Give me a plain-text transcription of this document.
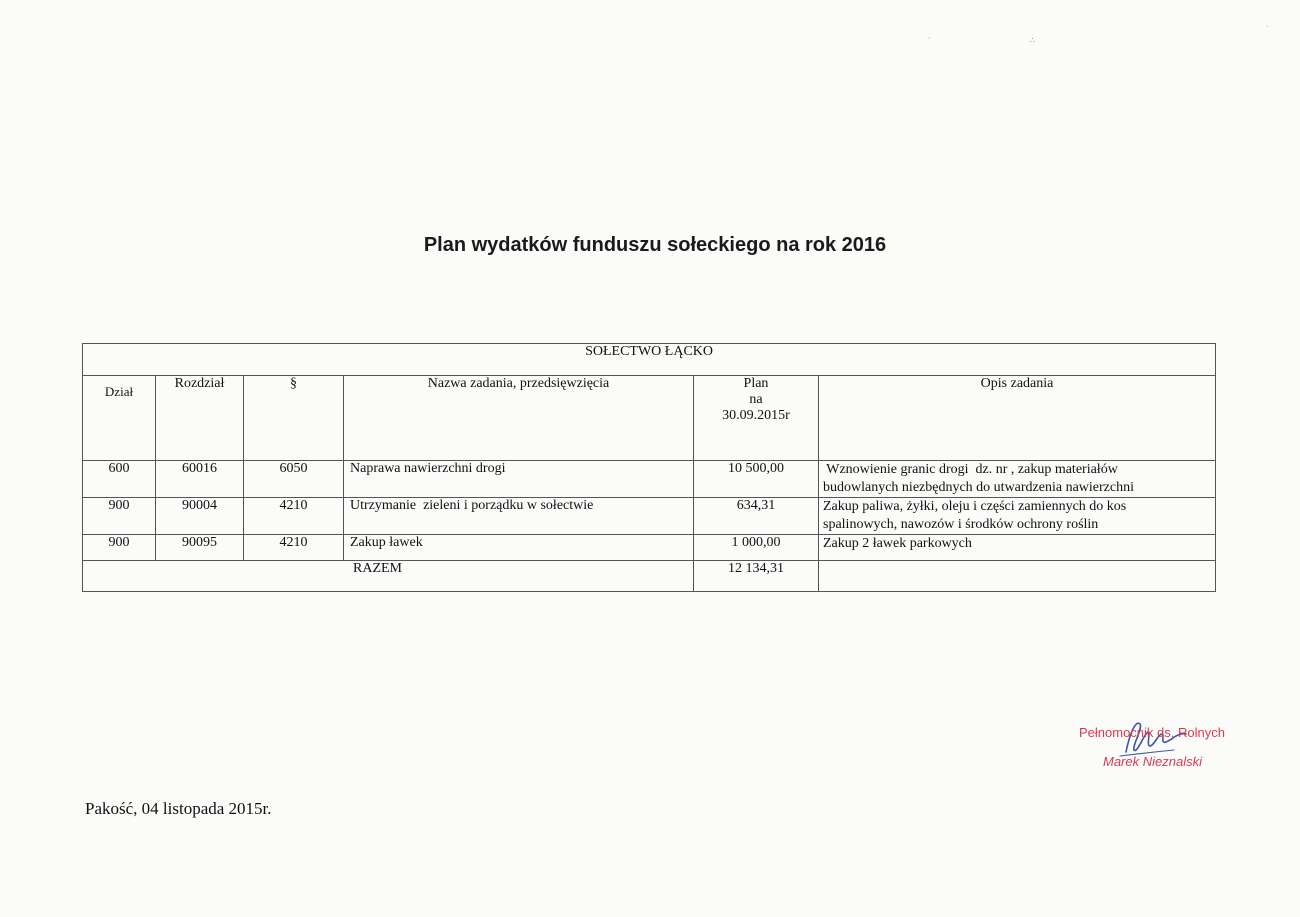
Plan wydatków funduszu sołeckiego na rok 2016
SOŁECTWO ŁĄCKO					
Dział	Rozdział	§	Nazwa zadania, przedsięwzięcia	Plan
na
30.09.2015r	Opis zadania
600	60016	6050	Naprawa nawierzchni drogi	10 500,00	Wznowienie granic drogi  dz. nr , zakup materiałów
budowlanych niezbędnych do utwardzenia nawierzchni

900	90004	4210	Utrzymanie  zieleni i porządku w sołectwie	634,31	Zakup paliwa, żyłki, oleju i części zamiennych do kos
spalinowych, nawozów i środków ochrony roślin

900	90095	4210	Zakup ławek	1 000,00	Zakup 2 ławek parkowych

RAZEM				12 134,31	
Pakość, 04 listopada 2015r.
Pełnomocnik ds. Rolnych
Marek Nieznalski
∴
·
·
